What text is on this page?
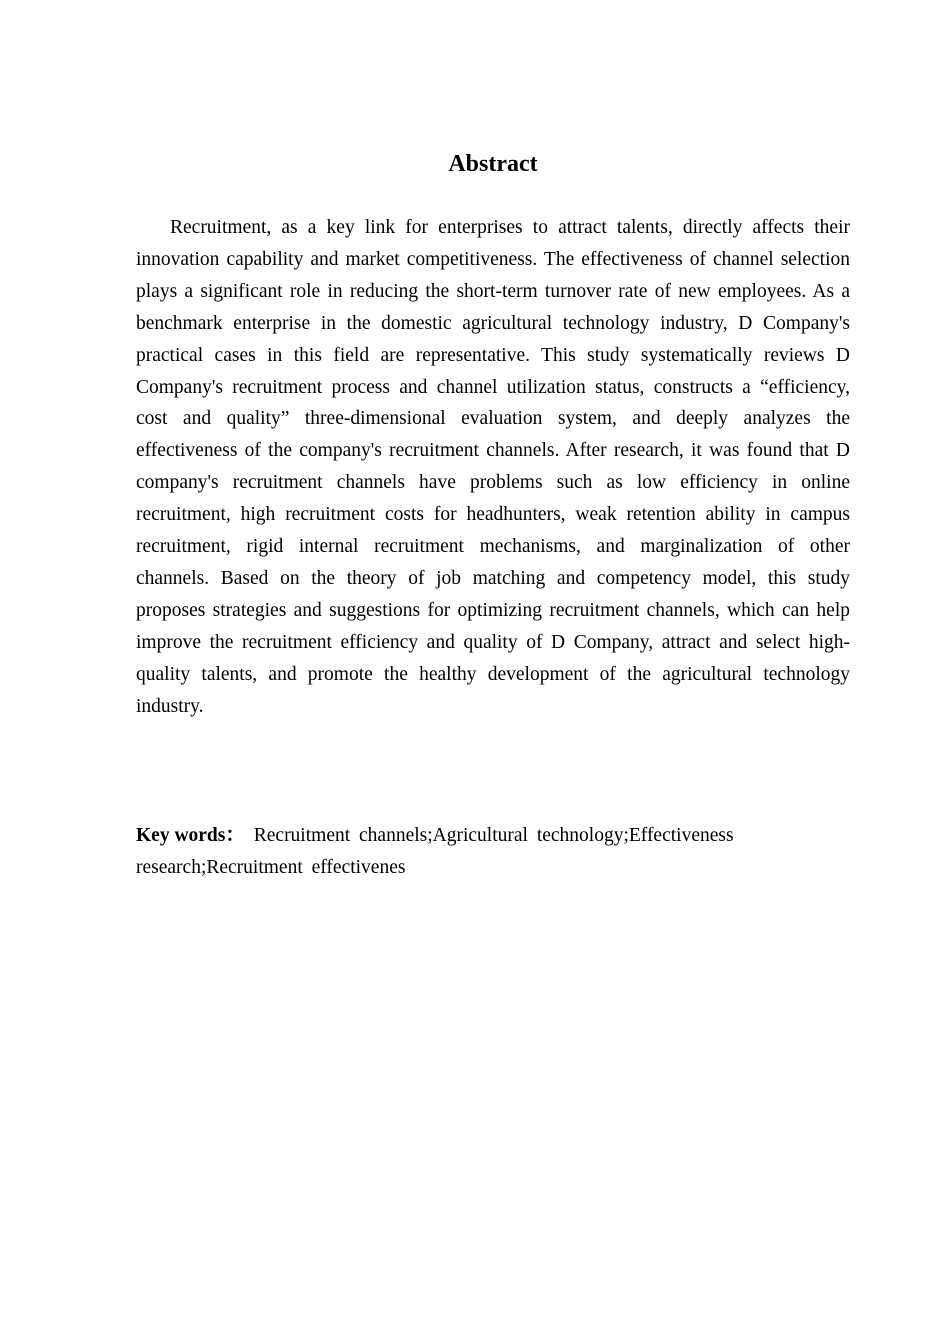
Abstract

Recruitment, as a key link for enterprises to attract talents, directly affects their innovation capability and market competitiveness. The effectiveness of channel selection plays a significant role in reducing the short-term turnover rate of new employees. As a benchmark enterprise in the domestic agricultural technology industry, D Company's practical cases in this field are representative. This study systematically reviews D Company's recruitment process and channel utilization status, constructs a “efficiency, cost and quality” three-dimensional evaluation system, and deeply analyzes the effectiveness of the company's recruitment channels. After research, it was found that D company's recruitment channels have problems such as low efficiency in online recruitment, high recruitment costs for headhunters, weak retention ability in campus recruitment, rigid internal recruitment mechanisms, and marginalization of other channels. Based on the theory of job matching and competency model, this study proposes strategies and suggestions for optimizing recruitment channels, which can help improve the recruitment efficiency and quality of D Company, attract and select high-quality talents, and promote the healthy development of the agricultural technology industry.

Key words： Recruitment channels;Agricultural technology;Effectiveness research;Recruitment effectivenes
